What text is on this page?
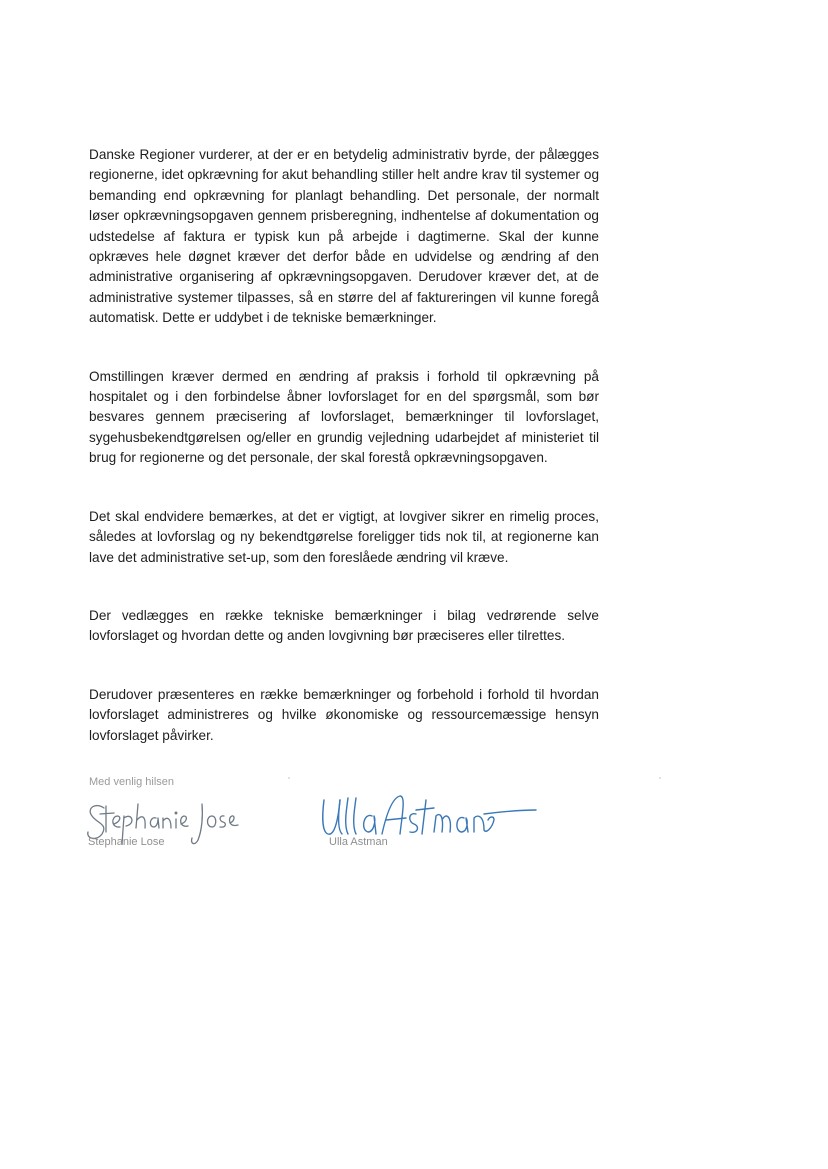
Danske Regioner vurderer, at der er en betydelig administrativ byrde, der pålægges regionerne, idet opkrævning for akut behandling stiller helt andre krav til systemer og bemanding end opkrævning for planlagt behandling. Det personale, der normalt løser opkrævningsopgaven gennem prisberegning, indhentelse af dokumentation og udstedelse af faktura er typisk kun på arbejde i dagtimerne. Skal der kunne opkræves hele døgnet kræver det derfor både en udvidelse og ændring af den administrative organisering af opkrævningsopgaven. Derudover kræver det, at de administrative systemer tilpasses, så en større del af faktureringen vil kunne foregå automatisk. Dette er uddybet i de tekniske bemærkninger.

Omstillingen kræver dermed en ændring af praksis i forhold til opkrævning på hospitalet og i den forbindelse åbner lovforslaget for en del spørgsmål, som bør besvares gennem præcisering af lovforslaget, bemærkninger til lovforslaget, sygehusbekendtgørelsen og/eller en grundig vejledning udarbejdet af ministeriet til brug for regionerne og det personale, der skal forestå opkrævningsopgaven.

Det skal endvidere bemærkes, at det er vigtigt, at lovgiver sikrer en rimelig proces, således at lovforslag og ny bekendtgørelse foreligger tids nok til, at regionerne kan lave det administrative set-up, som den foreslåede ændring vil kræve.

Der vedlægges en række tekniske bemærkninger i bilag vedrørende selve lovforslaget og hvordan dette og anden lovgivning bør præciseres eller tilrettes.

Derudover præsenteres en række bemærkninger og forbehold i forhold til hvordan lovforslaget administreres og hvilke økonomiske og ressourcemæssige hensyn lovforslaget påvirker.

Med venlig hilsen
Stephanie Lose	Ulla Astman
